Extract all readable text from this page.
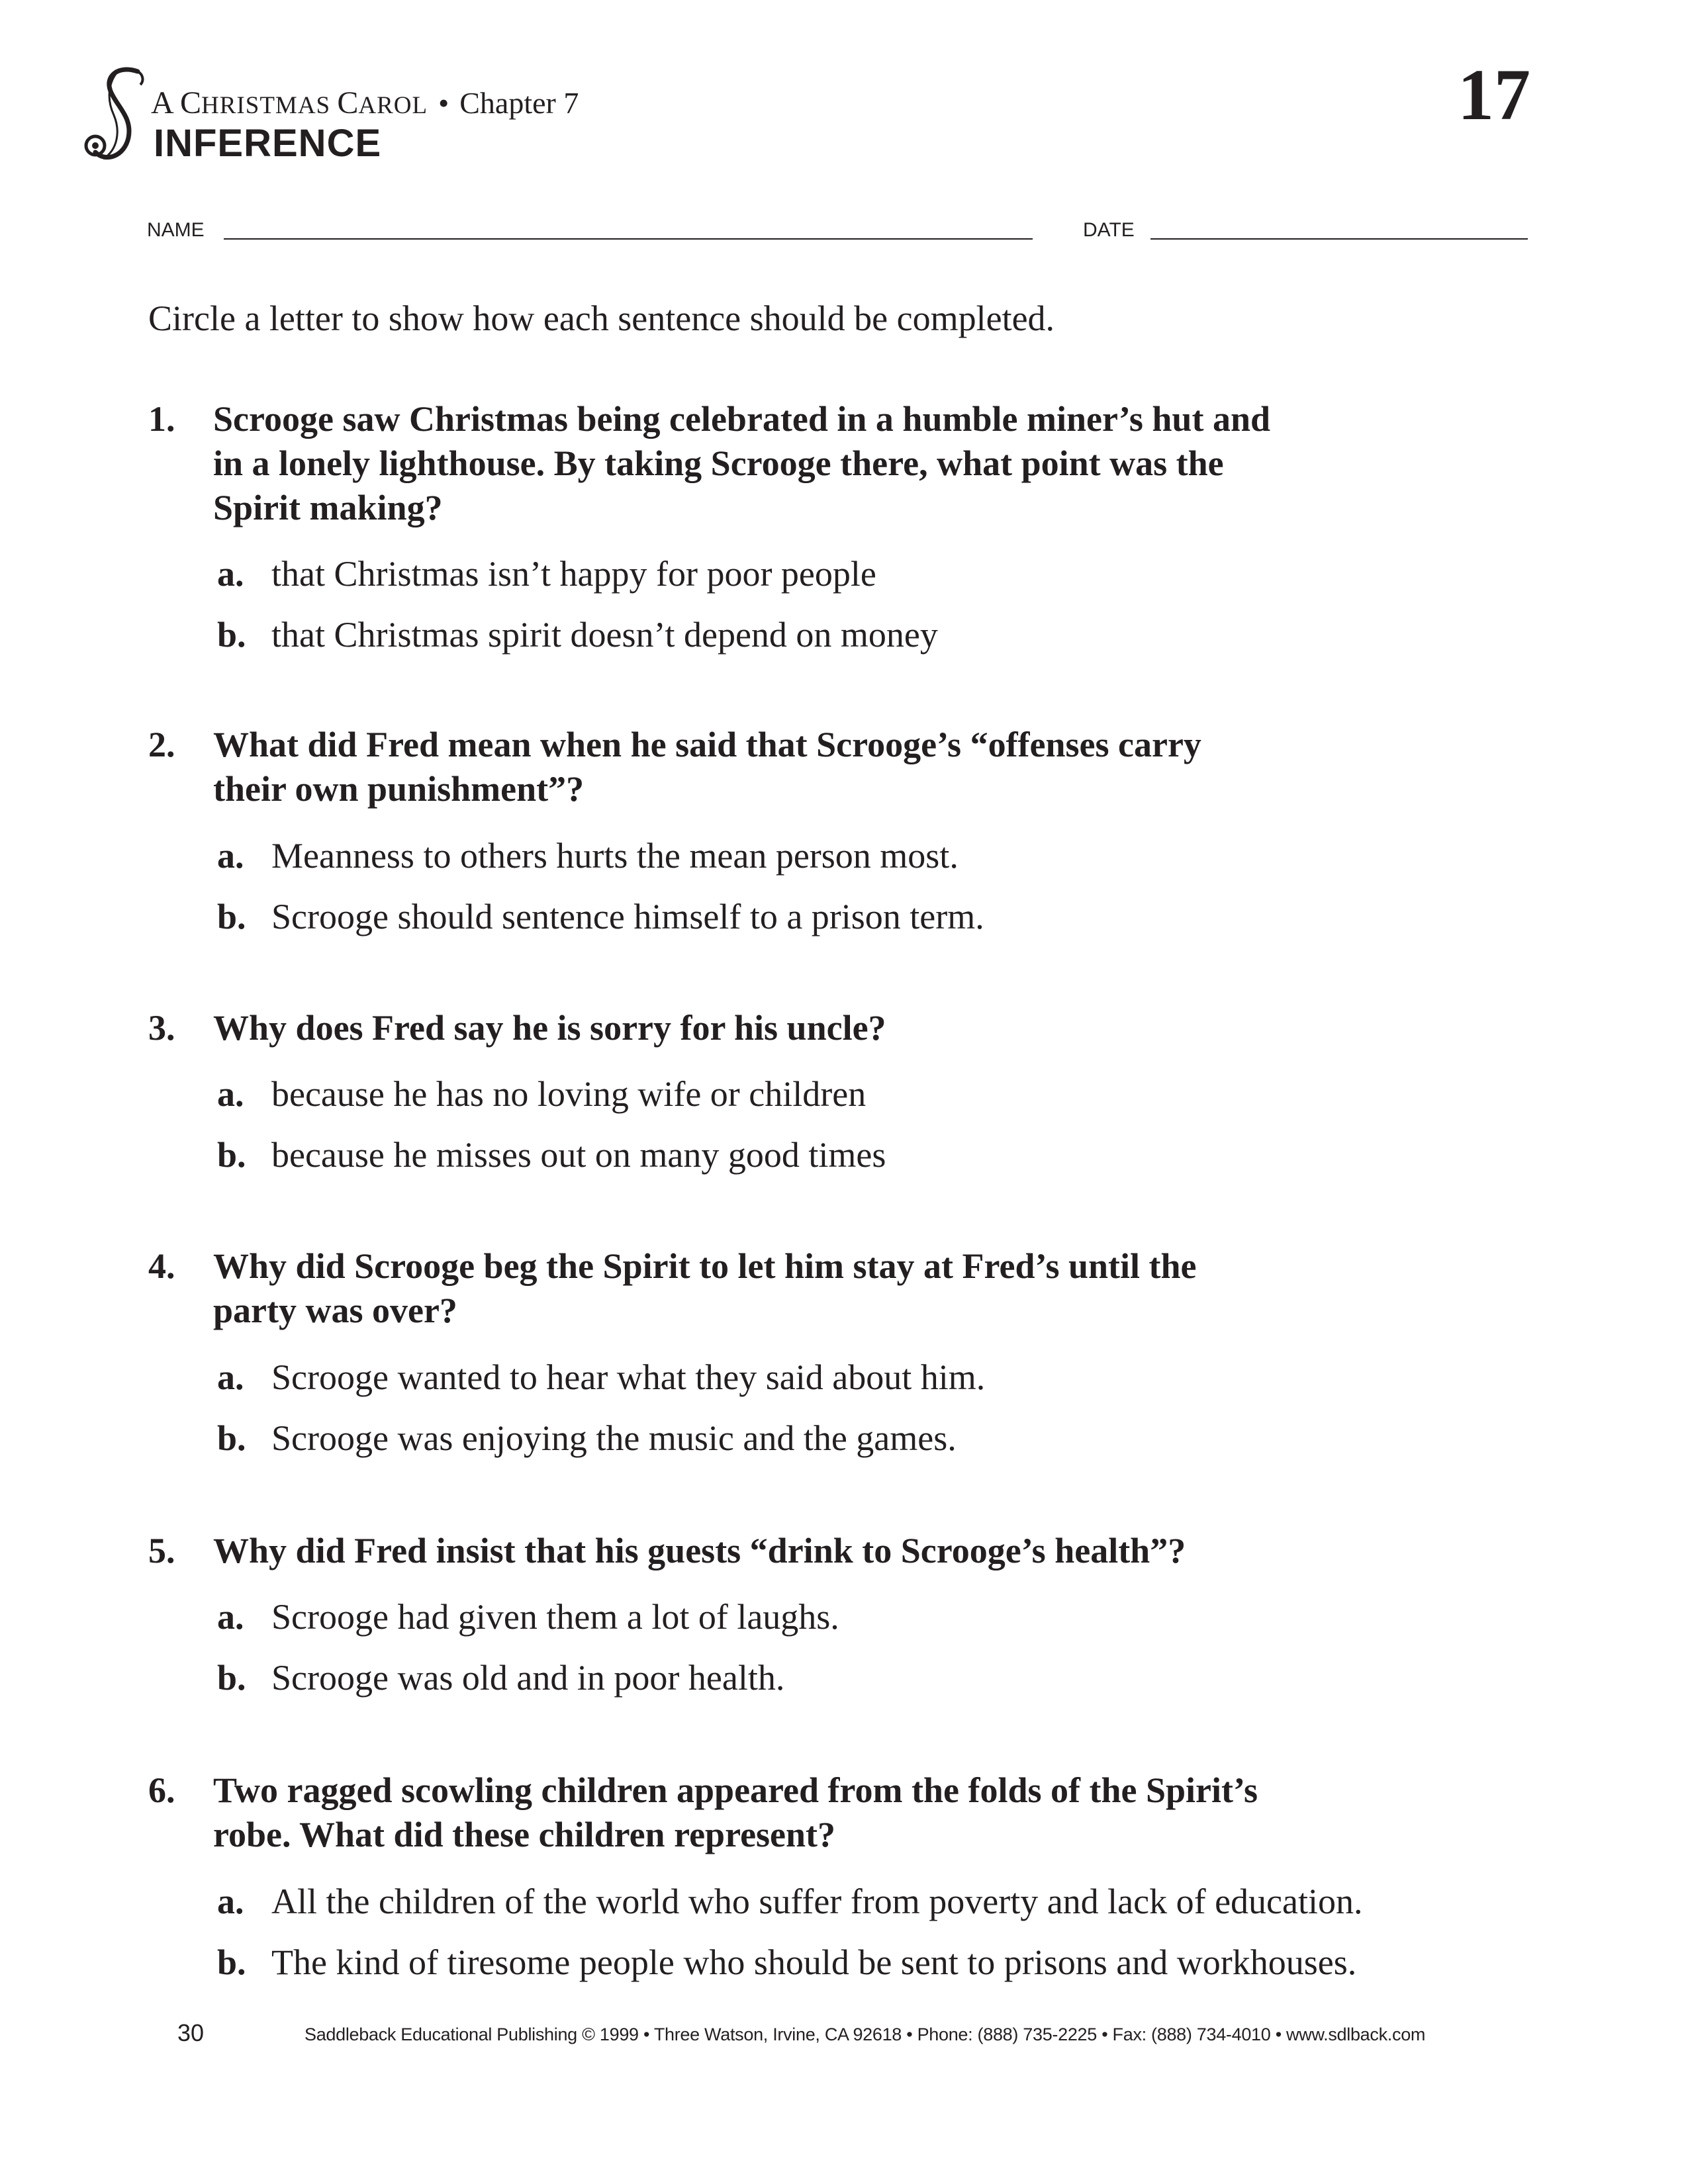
A CHRISTMAS CAROL • Chapter 7
INFERENCE
17
NAME	DATE
Circle a letter to show how each sentence should be completed.
1. Scrooge saw Christmas being celebrated in a humble miner’s hut and
in a lonely lighthouse. By taking Scrooge there, what point was the
Spirit making?
a. that Christmas isn’t happy for poor people
b. that Christmas spirit doesn’t depend on money
2. What did Fred mean when he said that Scrooge’s “offenses carry
their own punishment”?
a. Meanness to others hurts the mean person most.
b. Scrooge should sentence himself to a prison term.
3. Why does Fred say he is sorry for his uncle?
a. because he has no loving wife or children
b. because he misses out on many good times
4. Why did Scrooge beg the Spirit to let him stay at Fred’s until the
party was over?
a. Scrooge wanted to hear what they said about him.
b. Scrooge was enjoying the music and the games.
5. Why did Fred insist that his guests “drink to Scrooge’s health”?
a. Scrooge had given them a lot of laughs.
b. Scrooge was old and in poor health.
6. Two ragged scowling children appeared from the folds of the Spirit’s
robe. What did these children represent?
a. All the children of the world who suffer from poverty and lack of education.
b. The kind of tiresome people who should be sent to prisons and workhouses.
30	Saddleback Educational Publishing © 1999 • Three Watson, Irvine, CA 92618 • Phone: (888) 735-2225 • Fax: (888) 734-4010 • www.sdlback.com
